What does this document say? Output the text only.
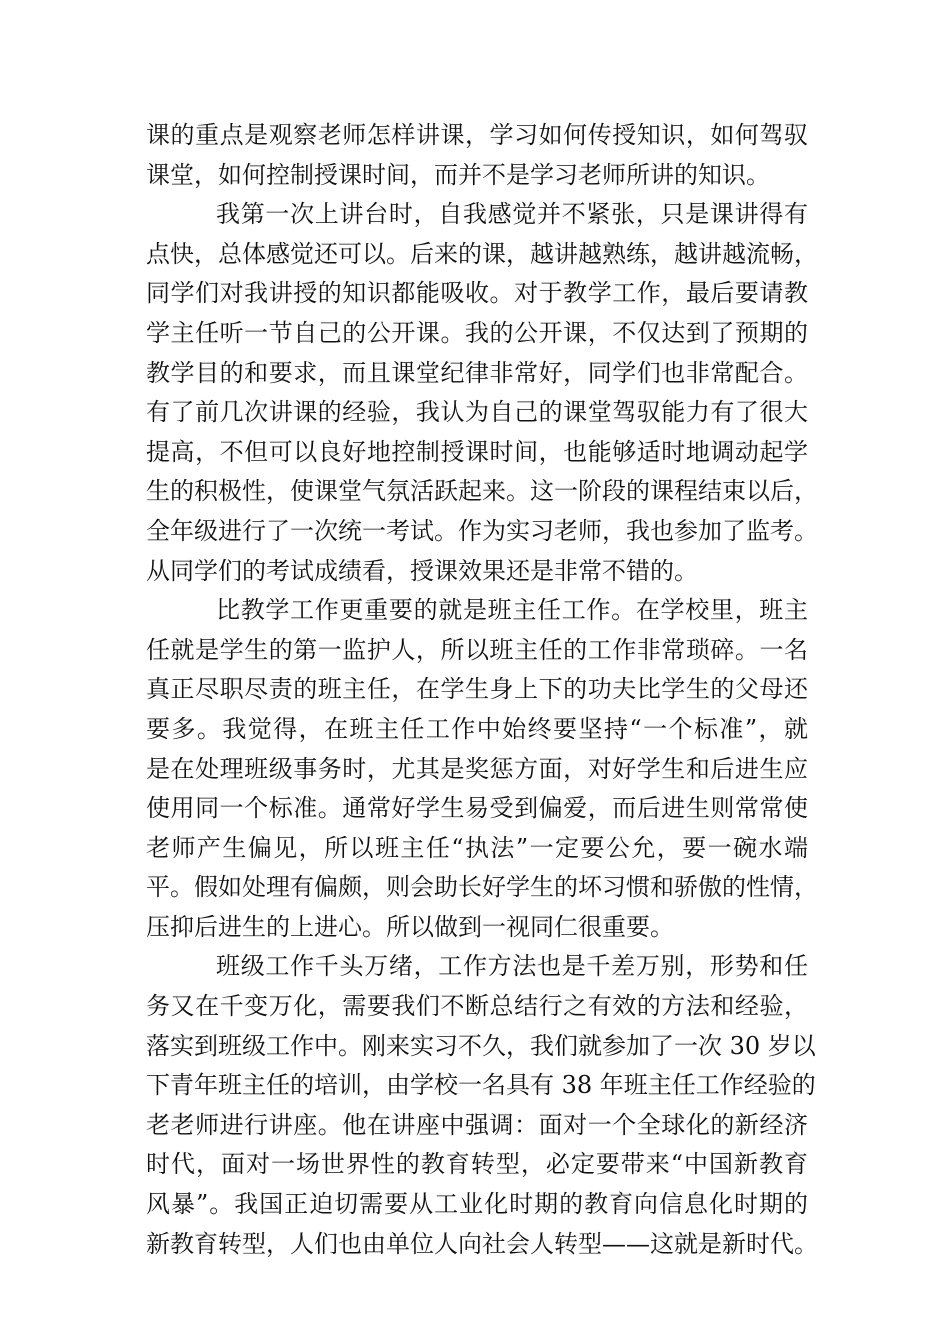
课的重点是观察老师怎样讲课，学习如何传授知识，如何驾驭
课堂，如何控制授课时间，而并不是学习老师所讲的知识。
我第一次上讲台时，自我感觉并不紧张，只是课讲得有
点快，总体感觉还可以。后来的课，越讲越熟练，越讲越流畅，
同学们对我讲授的知识都能吸收。对于教学工作，最后要请教
学主任听一节自己的公开课。我的公开课，不仅达到了预期的
教学目的和要求，而且课堂纪律非常好，同学们也非常配合。
有了前几次讲课的经验，我认为自己的课堂驾驭能力有了很大
提高，不但可以良好地控制授课时间，也能够适时地调动起学
生的积极性，使课堂气氛活跃起来。这一阶段的课程结束以后，
全年级进行了一次统一考试。作为实习老师，我也参加了监考。
从同学们的考试成绩看，授课效果还是非常不错的。
比教学工作更重要的就是班主任工作。在学校里，班主
任就是学生的第一监护人，所以班主任的工作非常琐碎。一名
真正尽职尽责的班主任，在学生身上下的功夫比学生的父母还
要多。我觉得，在班主任工作中始终要坚持“一个标准”，就
是在处理班级事务时，尤其是奖惩方面，对好学生和后进生应
使用同一个标准。通常好学生易受到偏爱，而后进生则常常使
老师产生偏见，所以班主任“执法”一定要公允，要一碗水端
平。假如处理有偏颇，则会助长好学生的坏习惯和骄傲的性情，
压抑后进生的上进心。所以做到一视同仁很重要。
班级工作千头万绪，工作方法也是千差万别，形势和任
务又在千变万化，需要我们不断总结行之有效的方法和经验，
落实到班级工作中。刚来实习不久，我们就参加了一次 30 岁以
下青年班主任的培训，由学校一名具有 38 年班主任工作经验的
老老师进行讲座。他在讲座中强调：面对一个全球化的新经济
时代，面对一场世界性的教育转型，必定要带来“中国新教育
风暴”。我国正迫切需要从工业化时期的教育向信息化时期的
新教育转型，人们也由单位人向社会人转型——这就是新时代。
